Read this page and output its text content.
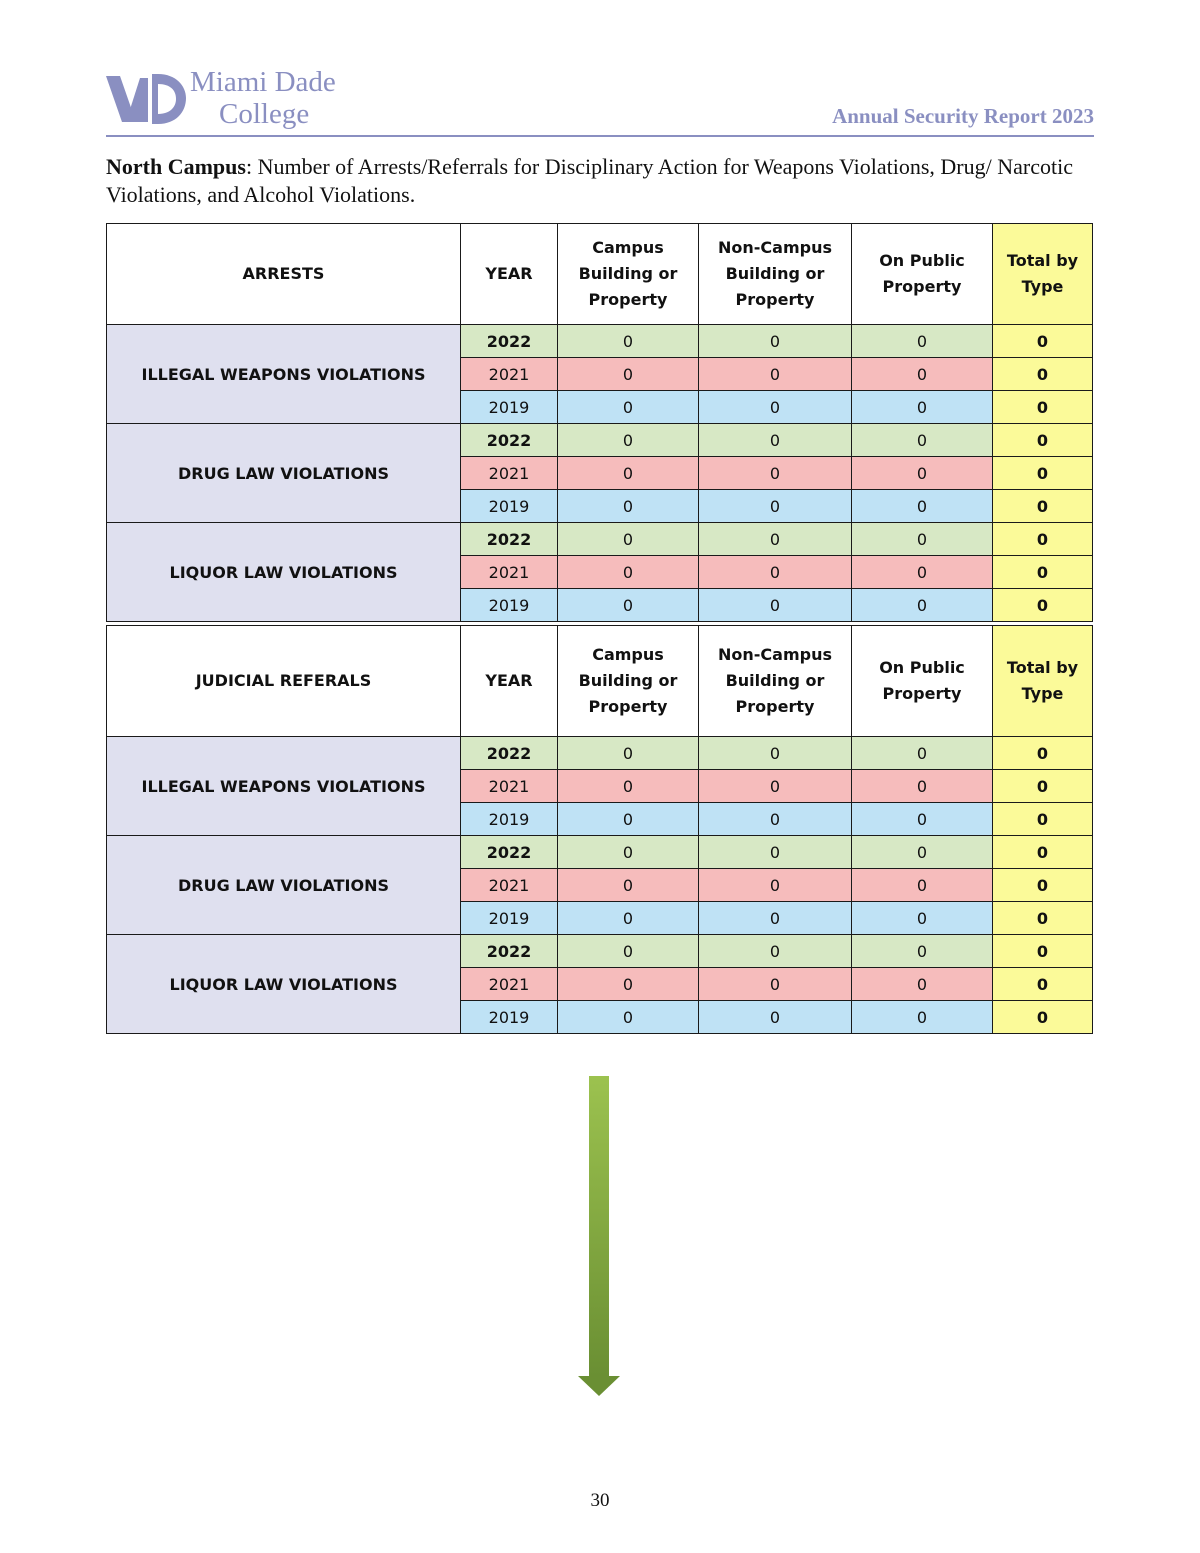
Miami Dade
College	Annual Security Report 2023
North Campus: Number of Arrests/Referrals for Disciplinary Action for Weapons Violations, Drug/ Narcotic Violations, and Alcohol Violations.
ARRESTS	YEAR	Campus Building or Property	Non-Campus Building or Property	On Public Property	Total by Type
ILLEGAL WEAPONS VIOLATIONS	2022	0	0	0	0
	2021	0	0	0	0
	2019	0	0	0	0
DRUG LAW VIOLATIONS	2022	0	0	0	0
	2021	0	0	0	0
	2019	0	0	0	0
LIQUOR LAW VIOLATIONS	2022	0	0	0	0
	2021	0	0	0	0
	2019	0	0	0	0
JUDICIAL REFERALS	YEAR	Campus Building or Property	Non-Campus Building or Property	On Public Property	Total by Type
ILLEGAL WEAPONS VIOLATIONS	2022	0	0	0	0
	2021	0	0	0	0
	2019	0	0	0	0
DRUG LAW VIOLATIONS	2022	0	0	0	0
	2021	0	0	0	0
	2019	0	0	0	0
LIQUOR LAW VIOLATIONS	2022	0	0	0	0
	2021	0	0	0	0
	2019	0	0	0	0
30
